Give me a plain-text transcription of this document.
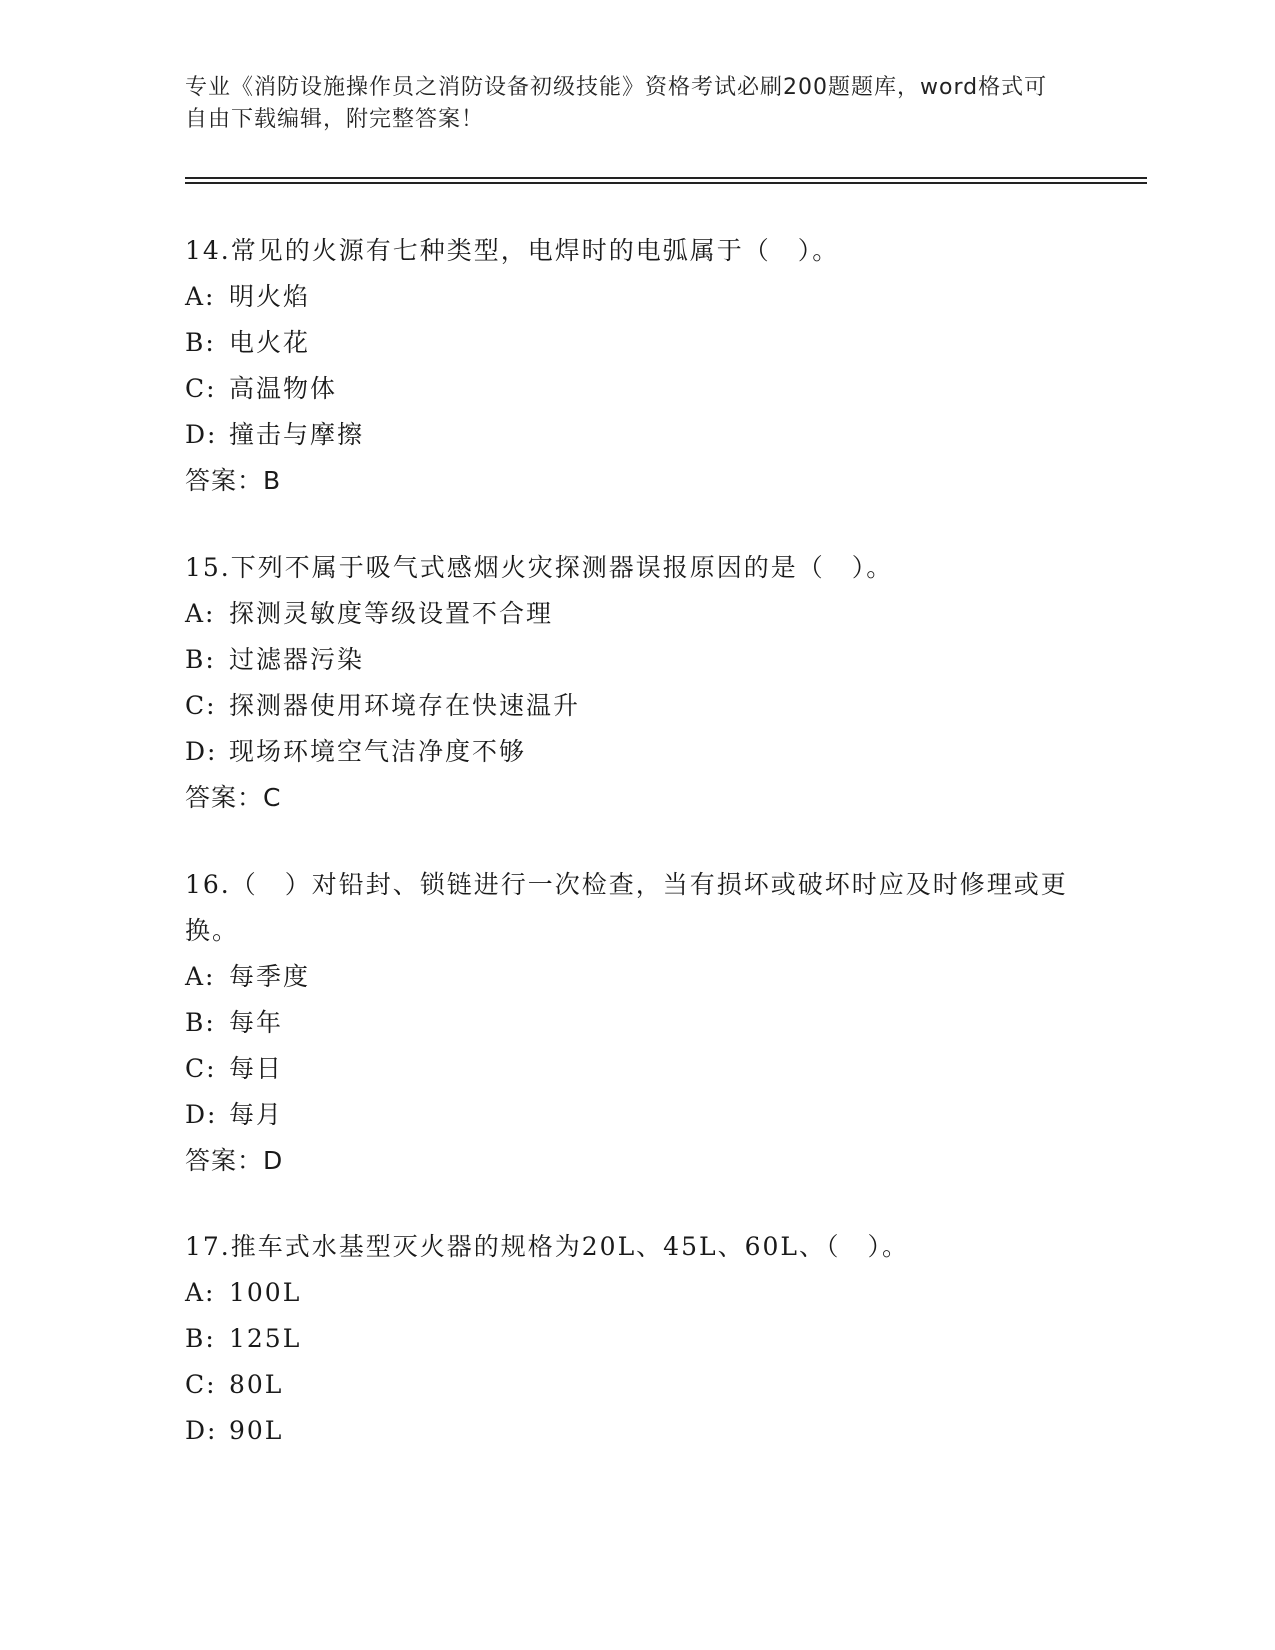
专业《消防设施操作员之消防设备初级技能》资格考试必刷200题题库，word格式可自由下载编辑，附完整答案！

14.常见的火源有七种类型，电焊时的电弧属于（　）。

A: 明火焰

B: 电火花

C: 高温物体

D: 撞击与摩擦

答案：B

15.下列不属于吸气式感烟火灾探测器误报原因的是（　）。

A: 探测灵敏度等级设置不合理

B: 过滤器污染

C: 探测器使用环境存在快速温升

D: 现场环境空气洁净度不够

答案：C

16.（　）对铅封、锁链进行一次检查，当有损坏或破坏时应及时修理或更换。

A: 每季度

B: 每年

C: 每日

D: 每月

答案：D

17.推车式水基型灭火器的规格为20L、45L、60L、（　）。

A: 100L

B: 125L

C: 80L

D: 90L
